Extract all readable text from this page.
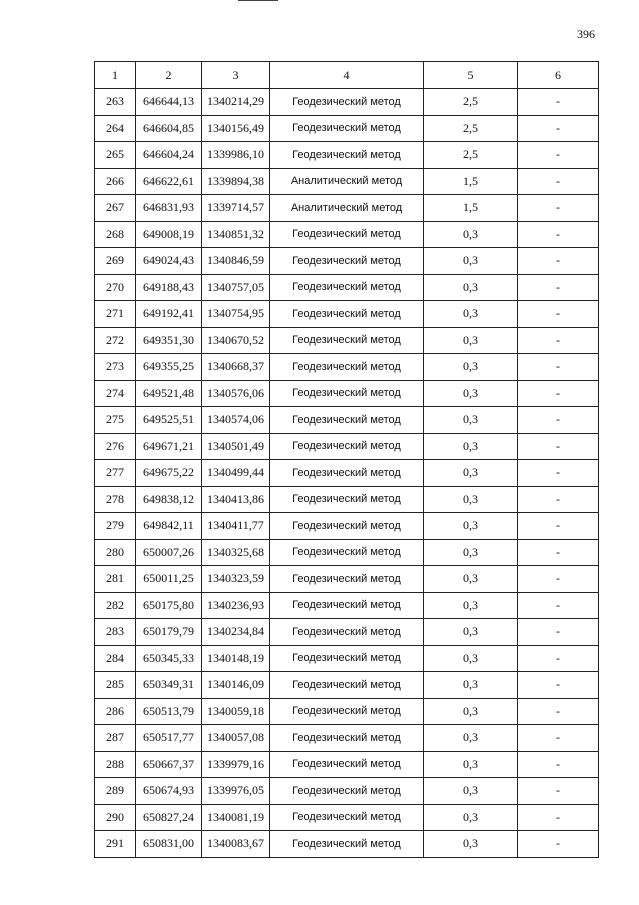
396
1	2	3	4	5	6
263	646644,13	1340214,29	Геодезический метод	2,5	-
264	646604,85	1340156,49	Геодезический метод	2,5	-
265	646604,24	1339986,10	Геодезический метод	2,5	-
266	646622,61	1339894,38	Аналитический метод	1,5	-
267	646831,93	1339714,57	Аналитический метод	1,5	-
268	649008,19	1340851,32	Геодезический метод	0,3	-
269	649024,43	1340846,59	Геодезический метод	0,3	-
270	649188,43	1340757,05	Геодезический метод	0,3	-
271	649192,41	1340754,95	Геодезический метод	0,3	-
272	649351,30	1340670,52	Геодезический метод	0,3	-
273	649355,25	1340668,37	Геодезический метод	0,3	-
274	649521,48	1340576,06	Геодезический метод	0,3	-
275	649525,51	1340574,06	Геодезический метод	0,3	-
276	649671,21	1340501,49	Геодезический метод	0,3	-
277	649675,22	1340499,44	Геодезический метод	0,3	-
278	649838,12	1340413,86	Геодезический метод	0,3	-
279	649842,11	1340411,77	Геодезический метод	0,3	-
280	650007,26	1340325,68	Геодезический метод	0,3	-
281	650011,25	1340323,59	Геодезический метод	0,3	-
282	650175,80	1340236,93	Геодезический метод	0,3	-
283	650179,79	1340234,84	Геодезический метод	0,3	-
284	650345,33	1340148,19	Геодезический метод	0,3	-
285	650349,31	1340146,09	Геодезический метод	0,3	-
286	650513,79	1340059,18	Геодезический метод	0,3	-
287	650517,77	1340057,08	Геодезический метод	0,3	-
288	650667,37	1339979,16	Геодезический метод	0,3	-
289	650674,93	1339976,05	Геодезический метод	0,3	-
290	650827,24	1340081,19	Геодезический метод	0,3	-
291	650831,00	1340083,67	Геодезический метод	0,3	-
